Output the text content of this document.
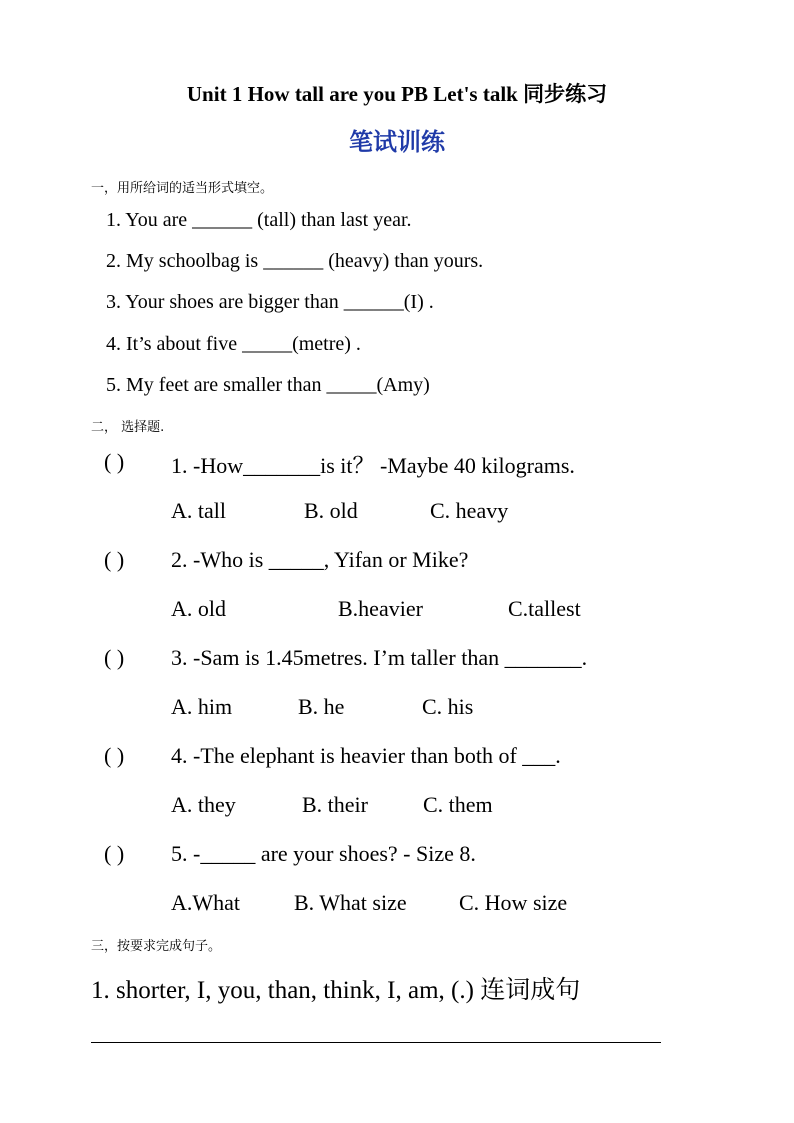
Unit 1 How tall are you PB Let's talk 同步练习
笔试训练
一，用所给词的适当形式填空。
1. You are ______ (tall) than last year.
2. My schoolbag is ______ (heavy) than yours.
3. Your shoes are bigger than ______(I) .
4. It’s about five _____(metre) .
5. My feet are smaller than _____(Amy)
二， 选择题.
( ) 1. -How_______is it？ -Maybe 40 kilograms.
A. tall	B. old	C. heavy
( ) 2. -Who is _____, Yifan or Mike?
A. old	B.heavier	C.tallest
( ) 3. -Sam is 1.45metres. I’m taller than _______.
A. him	B. he	C. his
( ) 4. -The elephant is heavier than both of ___.
A. they	B. their	C. them
( ) 5. -_____ are your shoes? - Size 8.
A.What B. What size C. How size
三，按要求完成句子。
1. shorter, I, you, than, think, I, am, (.) 连词成句
